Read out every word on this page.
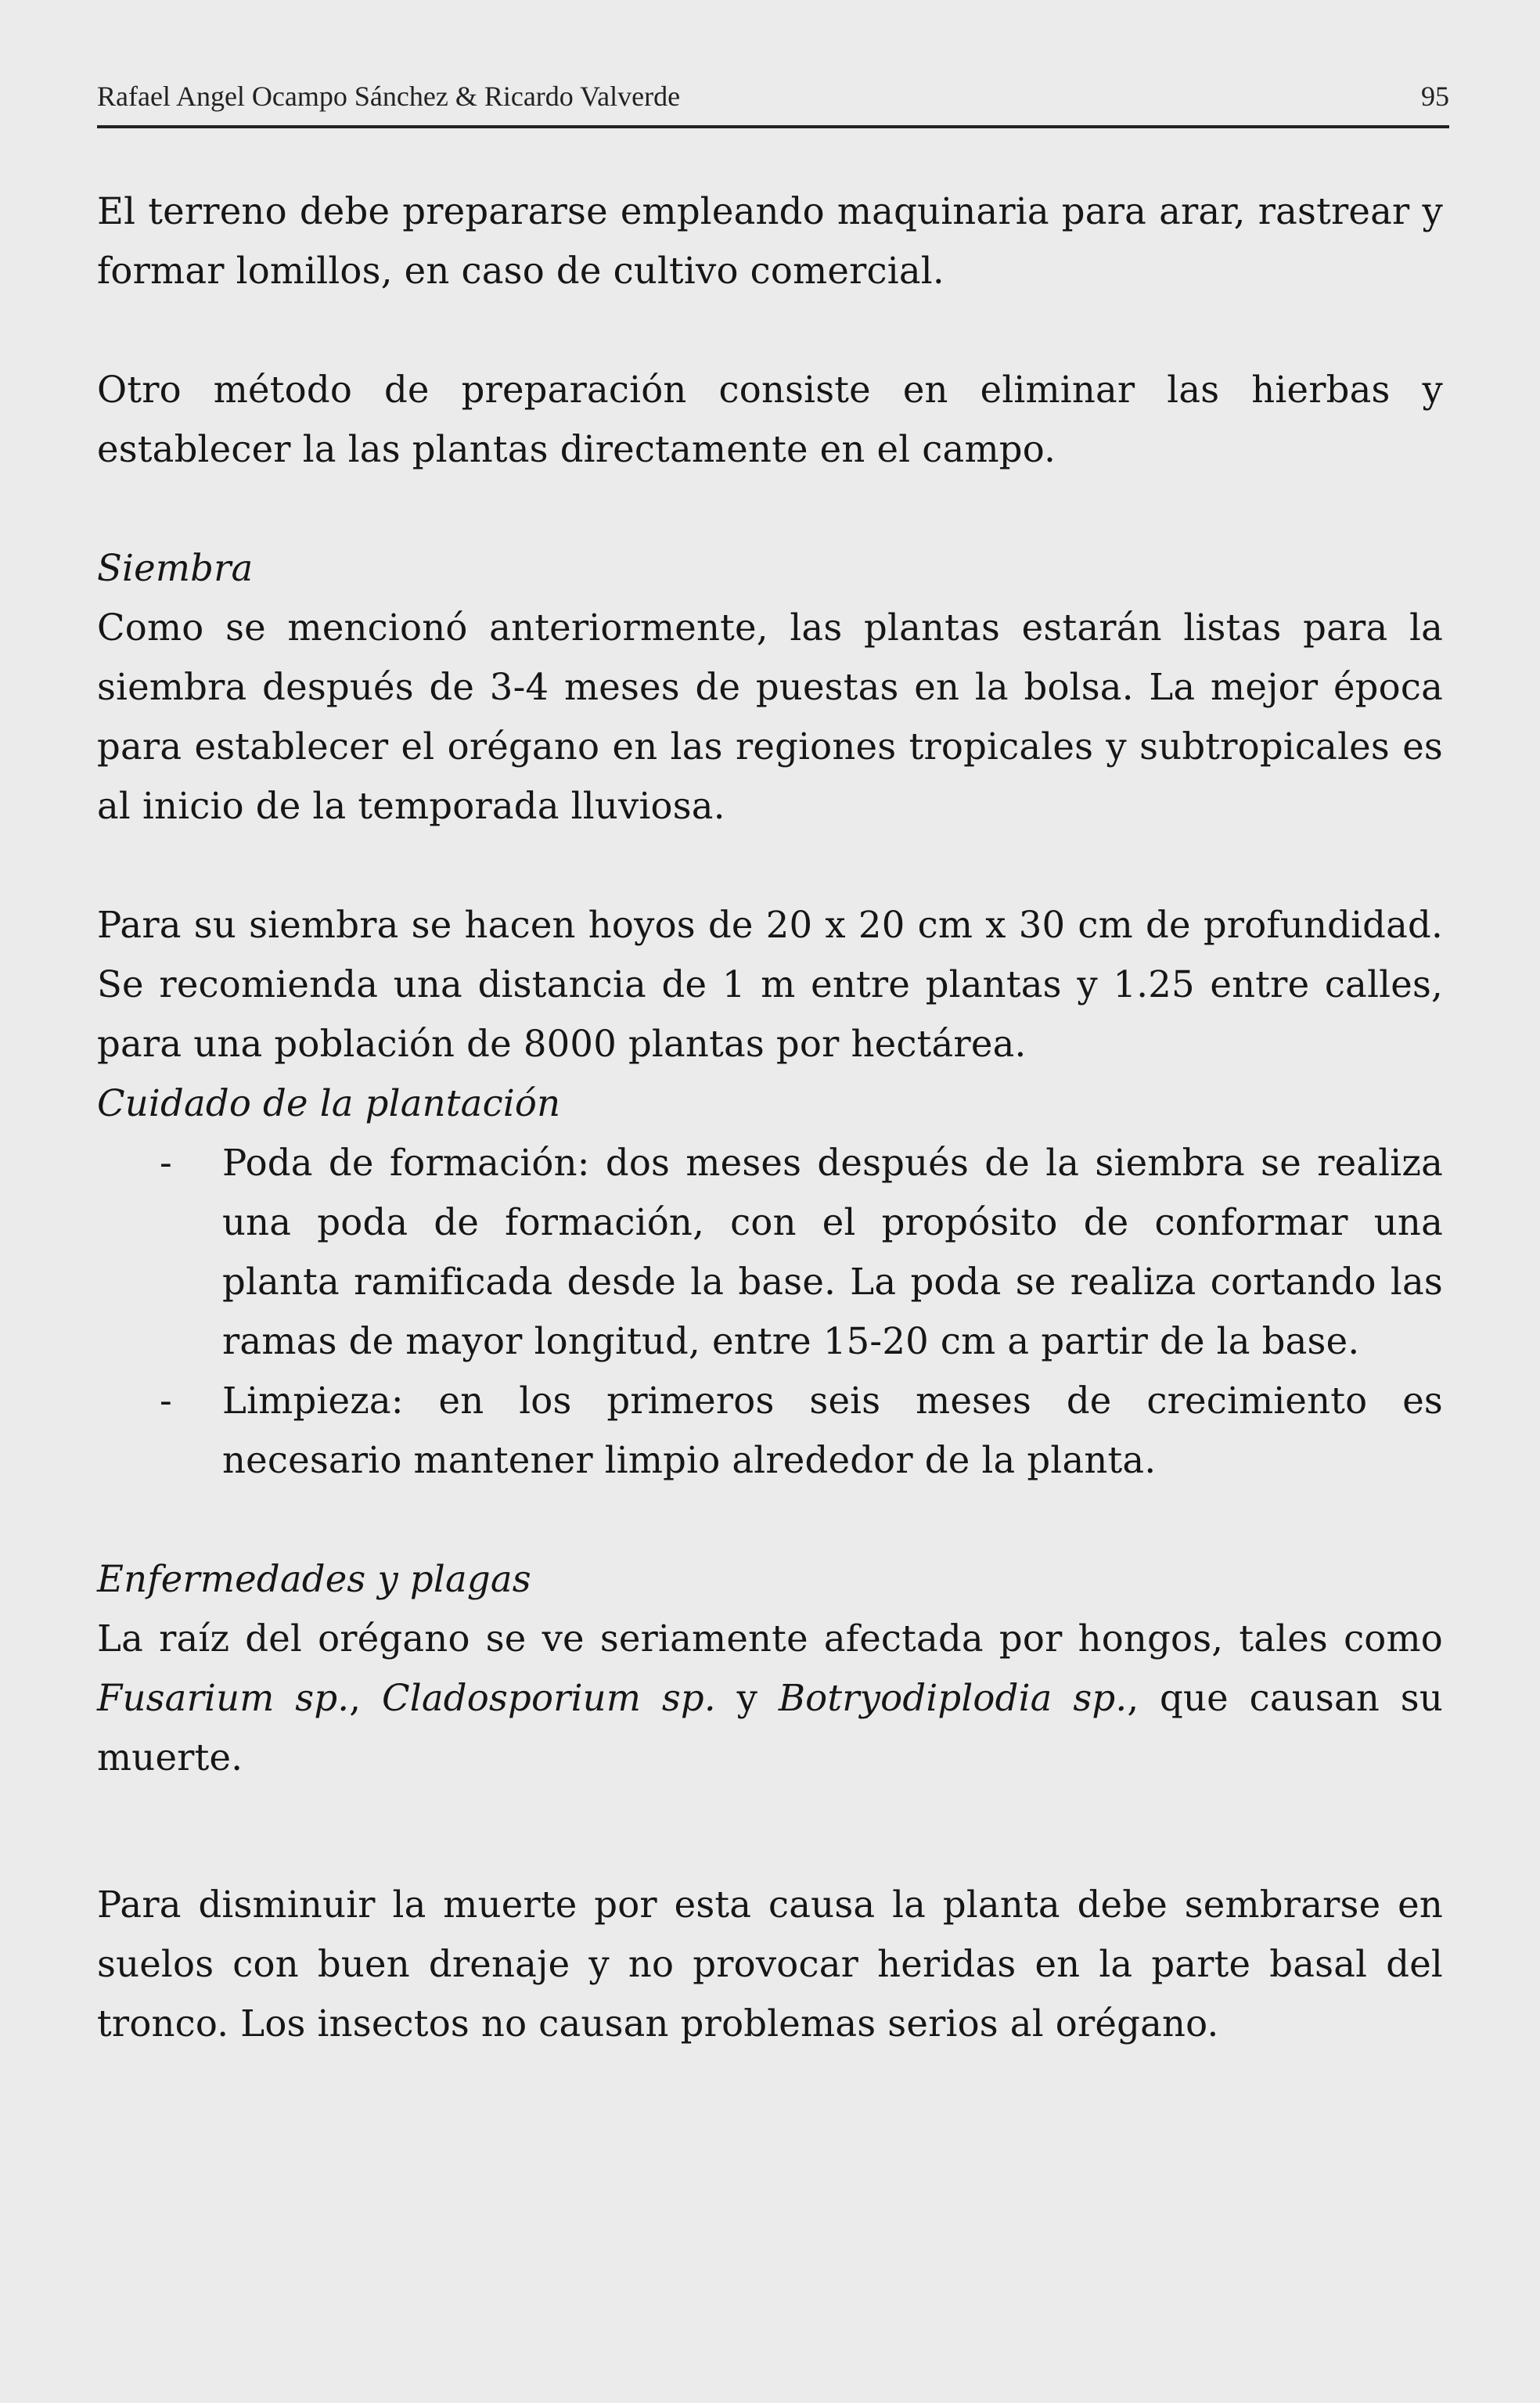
Rafael Angel Ocampo Sánchez & Ricardo Valverde	95

El terreno debe prepararse empleando maquinaria para arar, rastrear y formar lomillos, en caso de cultivo comercial.

Otro método de preparación consiste en eliminar las hierbas y establecer la las plantas directamente en el campo.

Siembra

Como se mencionó anteriormente, las plantas estarán listas para la siembra después de 3-4 meses de puestas en la bolsa. La mejor época para establecer el orégano en las regiones tropicales y subtropicales es al inicio de la temporada lluviosa.

Para su siembra se hacen hoyos de 20 x 20 cm x 30 cm de profundidad. Se recomienda una distancia de 1 m entre plantas y 1.25 entre calles, para una población de 8000 plantas por hectárea.

Cuidado de la plantación

- Poda de formación: dos meses después de la siembra se realiza una poda de formación, con el propósito de conformar una planta ramificada desde la base. La poda se realiza cortando las ramas de mayor longitud, entre 15-20 cm a partir de la base.
- Limpieza: en los primeros seis meses de crecimiento es necesario mantener limpio alrededor de la planta.

Enfermedades y plagas

La raíz del orégano se ve seriamente afectada por hongos, tales como Fusarium sp., Cladosporium sp. y Botryodiplodia sp., que causan su muerte.

Para disminuir la muerte por esta causa la planta debe sembrarse en suelos con buen drenaje y no provocar heridas en la parte basal del tronco. Los insectos no causan problemas serios al orégano.
